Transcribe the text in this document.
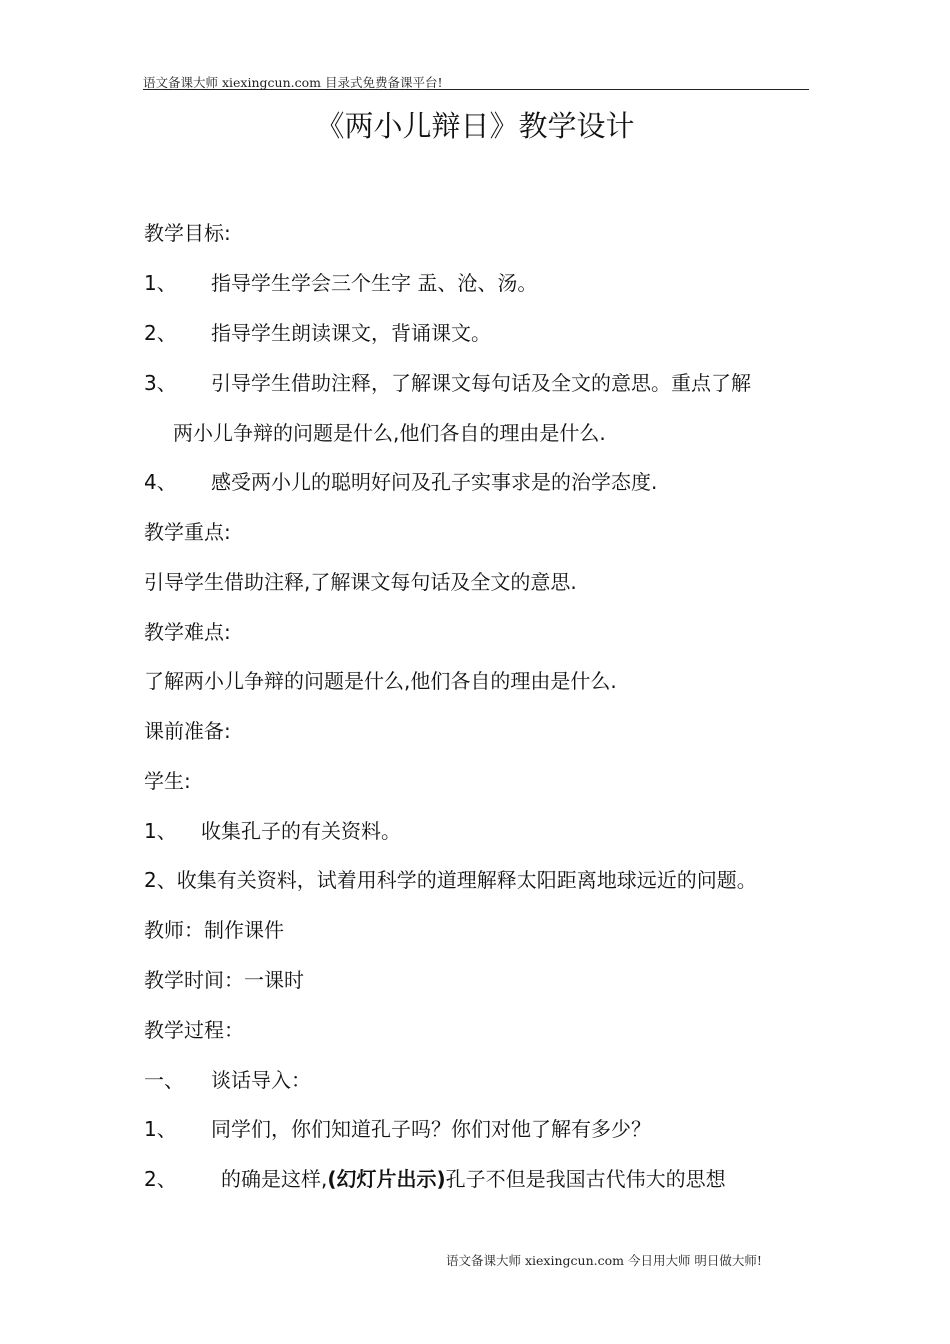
语文备课大师 xiexingcun.com 目录式免费备课平台!
《两小儿辩日》教学设计
教学目标:
1、 指导学生学会三个生字 盂、沧、汤。
2、 指导学生朗读课文，背诵课文。
3、 引导学生借助注释，了解课文每句话及全文的意思。重点了解
两小儿争辩的问题是什么,他们各自的理由是什么.
4、 感受两小儿的聪明好问及孔子实事求是的治学态度.
教学重点:
引导学生借助注释,了解课文每句话及全文的意思.
教学难点:
了解两小儿争辩的问题是什么,他们各自的理由是什么.
课前准备:
学生:
1、 收集孔子的有关资料。
2、收集有关资料，试着用科学的道理解释太阳距离地球远近的问题。
教师：制作课件
教学时间：一课时
教学过程：
一、 谈话导入：
1、 同学们，你们知道孔子吗？你们对他了解有多少？
2、 的确是这样,(幻灯片出示)孔子不但是我国古代伟大的思想
语文备课大师 xiexingcun.com 今日用大师 明日做大师!
